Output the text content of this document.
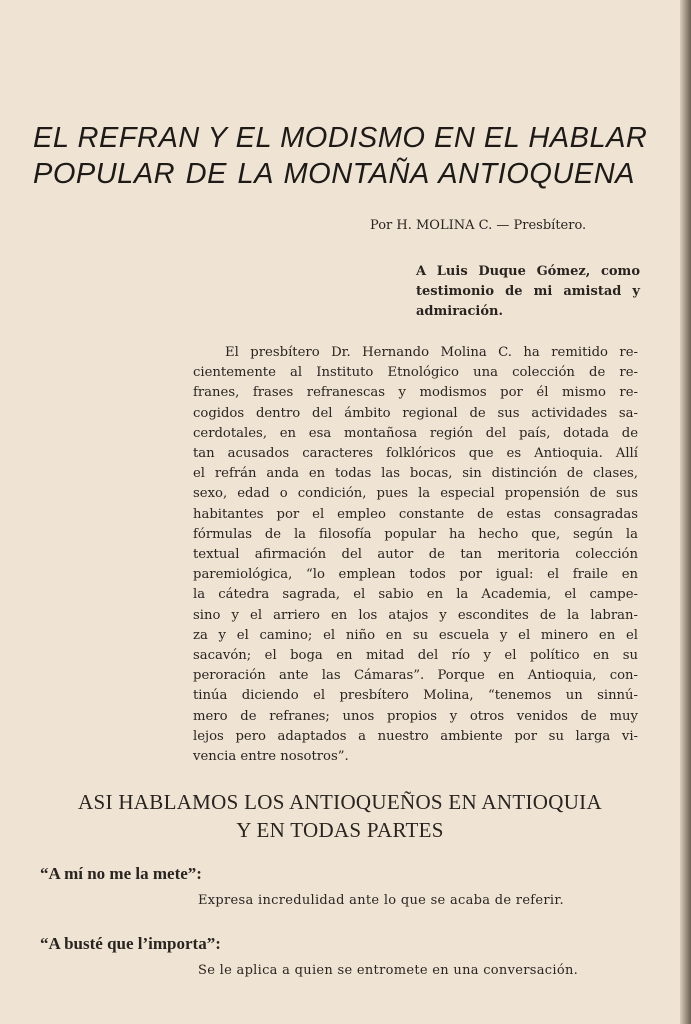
EL REFRAN Y EL MODISMO EN EL HABLAR
POPULAR DE LA MONTAÑA ANTIOQUENA
Por H. MOLINA C. — Presbítero.
A Luis Duque Gómez, como
testimonio de mi amistad y
admiración.
El presbítero Dr. Hernando Molina C. ha remitido re-
cientemente al Instituto Etnológico una colección de re-
franes, frases refranescas y modismos por él mismo re-
cogidos dentro del ámbito regional de sus actividades sa-
cerdotales, en esa montañosa región del país, dotada de
tan acusados caracteres folklóricos que es Antioquia. Allí
el refrán anda en todas las bocas, sin distinción de clases,
sexo, edad o condición, pues la especial propensión de sus
habitantes por el empleo constante de estas consagradas
fórmulas de la filosofía popular ha hecho que, según la
textual afirmación del autor de tan meritoria colección
paremiológica, “lo emplean todos por igual: el fraile en
la cátedra sagrada, el sabio en la Academia, el campe-
sino y el arriero en los atajos y escondites de la labran-
za y el camino; el niño en su escuela y el minero en el
sacavón; el boga en mitad del río y el político en su
peroración ante las Cámaras”. Porque en Antioquia, con-
tinúa diciendo el presbítero Molina, “tenemos un sinnú-
mero de refranes; unos propios y otros venidos de muy
lejos pero adaptados a nuestro ambiente por su larga vi-
vencia entre nosotros”.
ASI HABLAMOS LOS ANTIOQUEÑOS EN ANTIOQUIA
Y EN TODAS PARTES
“A mí no me la mete”:
Expresa incredulidad ante lo que se acaba de referir.
“A busté que l’importa”:
Se le aplica a quien se entromete en una conversación.
